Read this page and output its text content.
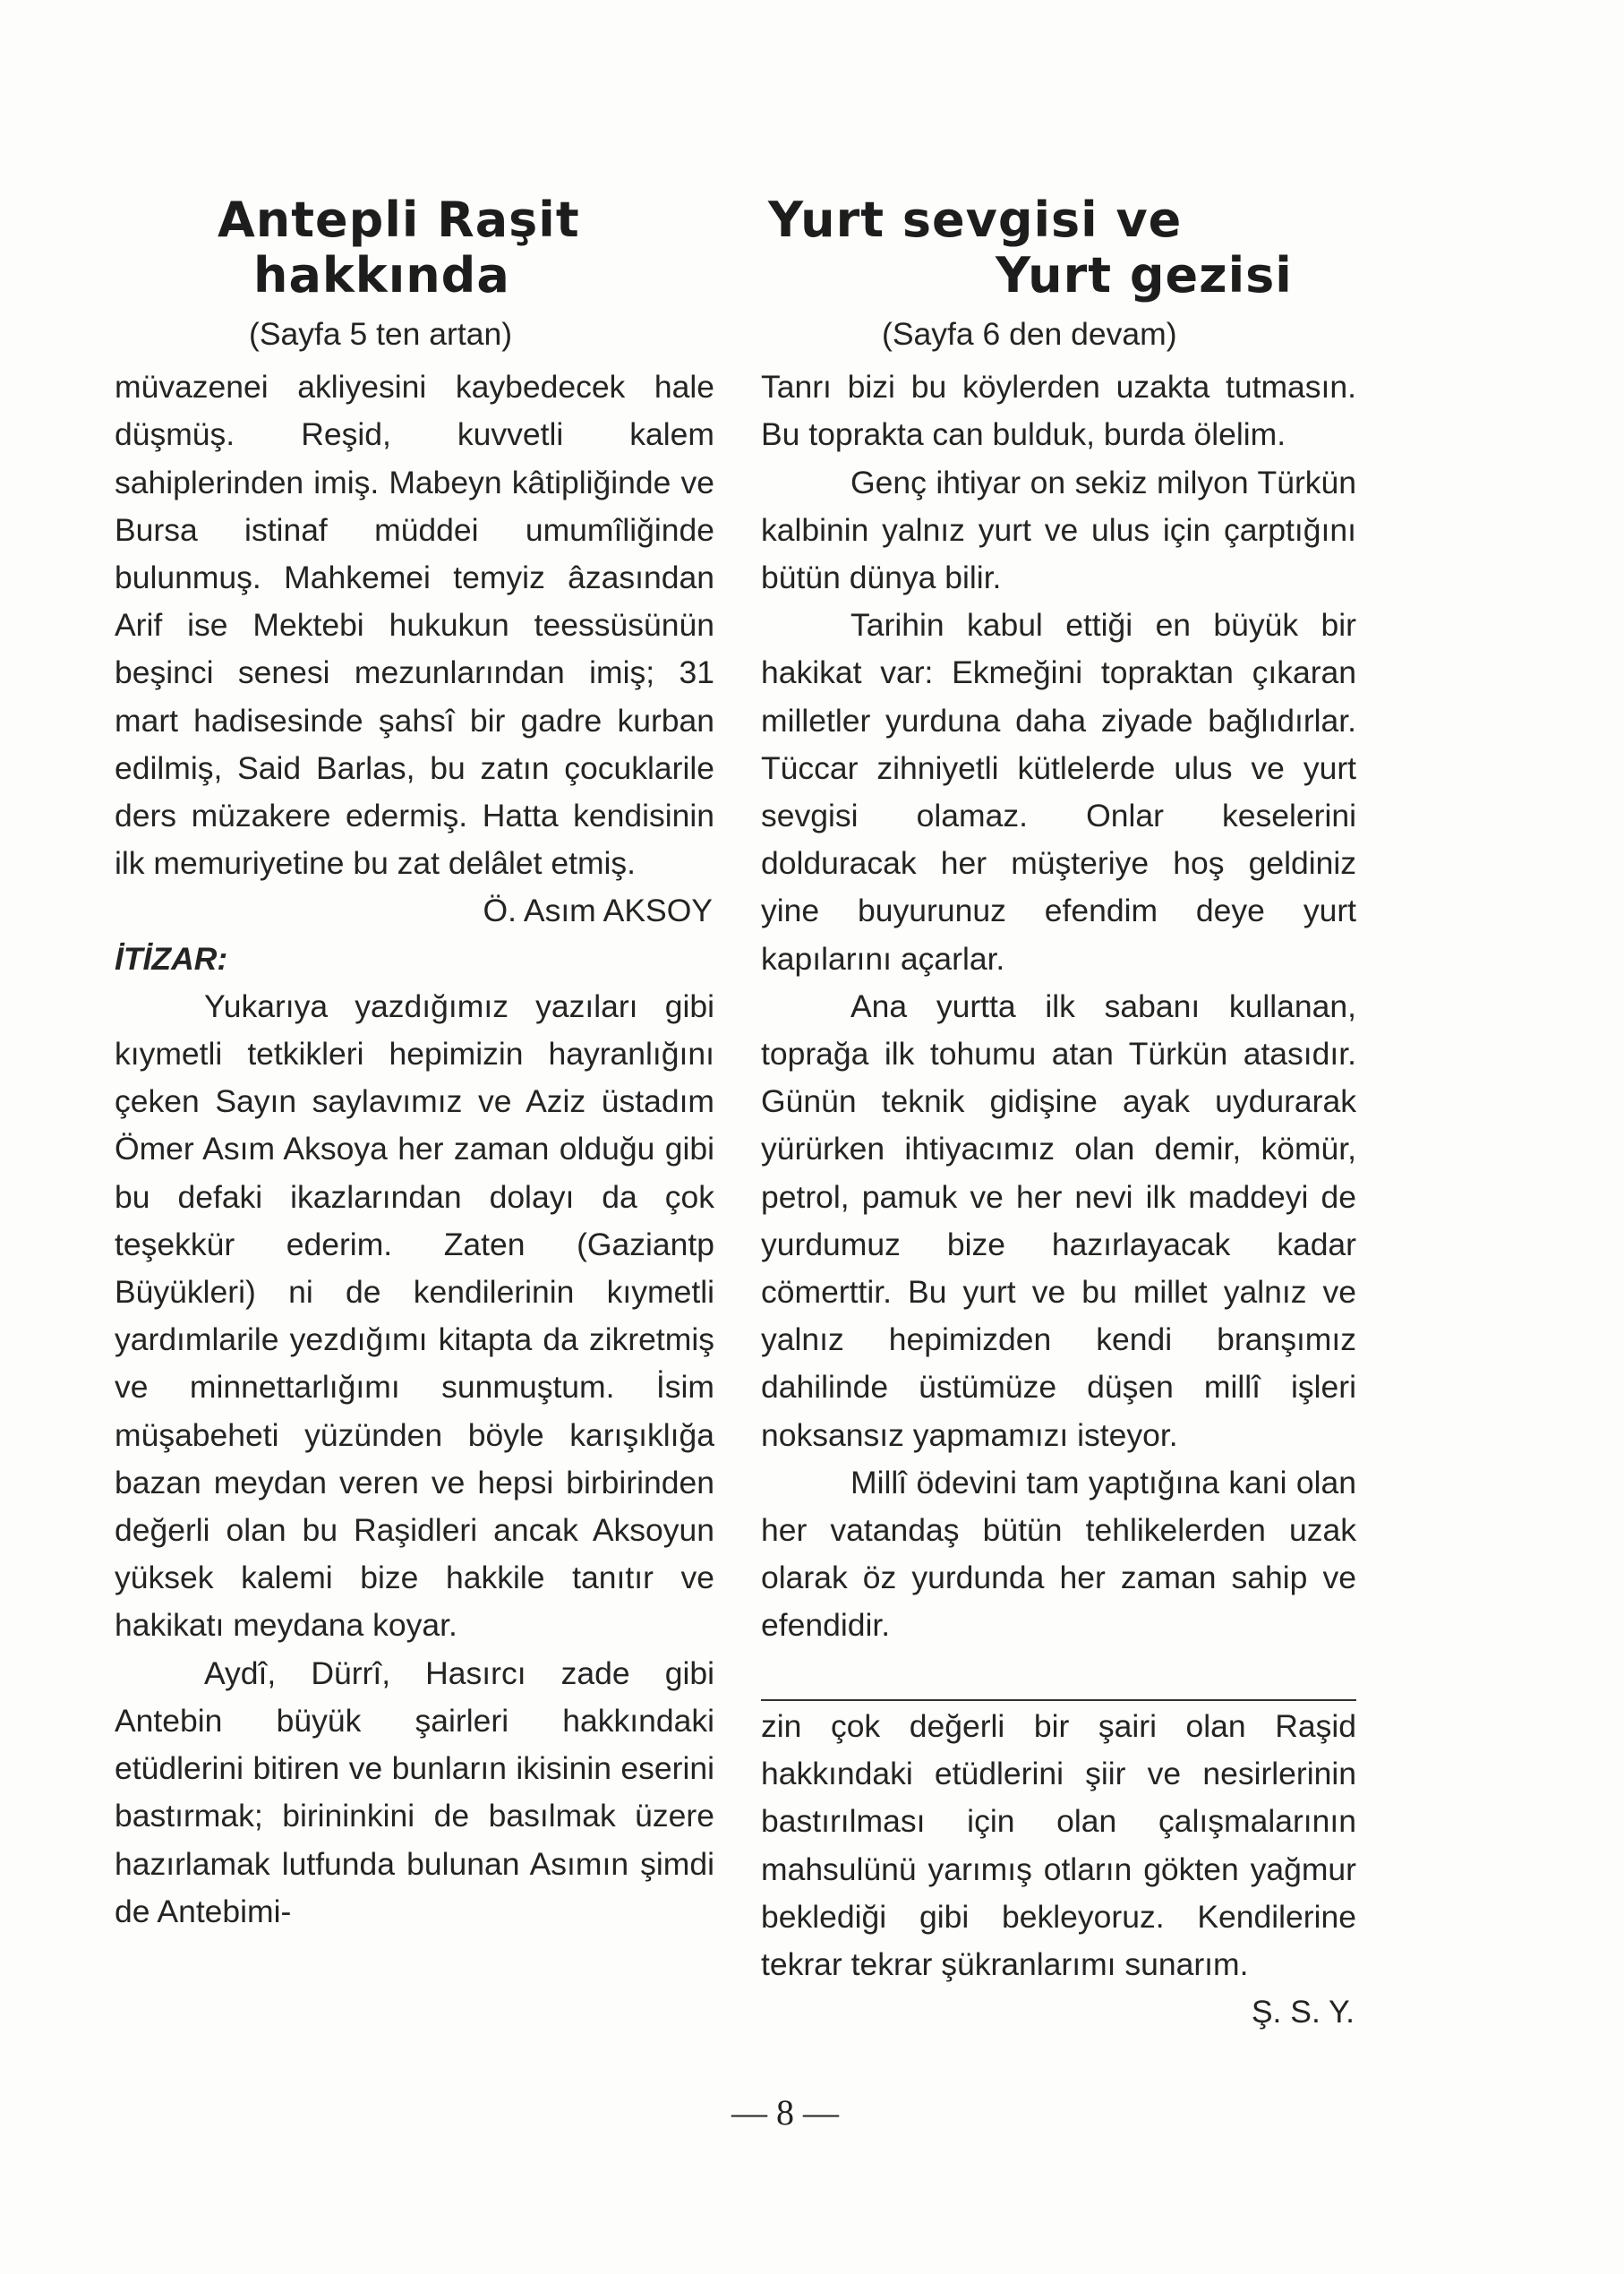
Antepli Raşit
hakkında
(Sayfa 5 ten artan)

müvazenei akliyesini kaybedecek hale düşmüş. Reşid, kuvvetli kalem sahiplerinden imiş. Mabeyn kâtipliğinde ve Bursa istinaf müddei umumîliğinde bulunmuş. Mahkemei temyiz âzasından Arif ise Mektebi hukukun teessüsünün beşinci senesi mezunlarından imiş; 31 mart hadisesinde şahsî bir gadre kurban edilmiş, Said Barlas, bu zatın çocuklarile ders müzakere edermiş. Hatta kendisinin ilk memuriyetine bu zat delâlet etmiş.

Ö. Asım AKSOY

İTİZAR:

Yukarıya yazdığımız yazıları gibi kıymetli tetkikleri hepimizin hayranlığını çeken Sayın saylavımız ve Aziz üstadım Ömer Asım Aksoya her zaman olduğu gibi bu defaki ikazlarından dolayı da çok teşekkür ederim. Zaten (Gaziantp Büyükleri) ni de kendilerinin kıymetli yardımlarile yezdığımı kitapta da zikretmiş ve minnettarlığımı sunmuştum. İsim müşabeheti yüzünden böyle karışıklığa bazan meydan veren ve hepsi birbirinden değerli olan bu Raşidleri ancak Aksoyun yüksek kalemi bize hakkile tanıtır ve hakikatı meydana koyar.

Aydî, Dürrî, Hasırcı zade gibi Antebin büyük şairleri hakkındaki etüdlerini bitiren ve bunların ikisinin eserini bastırmak; birininkini de basılmak üzere hazırlamak lutfunda bulunan Asımın şimdi de Antebimi-

Yurt sevgisi ve
Yurt gezisi
(Sayfa 6 den devam)

Tanrı bizi bu köylerden uzakta tutmasın. Bu toprakta can bulduk, burda ölelim.

Genç ihtiyar on sekiz milyon Türkün kalbinin yalnız yurt ve ulus için çarptığını bütün dünya bilir.

Tarihin kabul ettiği en büyük bir hakikat var: Ekmeğini topraktan çıkaran milletler yurduna daha ziyade bağlıdırlar. Tüccar zihniyetli kütlelerde ulus ve yurt sevgisi olamaz. Onlar keselerini dolduracak her müşteriye hoş geldiniz yine buyurunuz efendim deye yurt kapılarını açarlar.

Ana yurtta ilk sabanı kullanan, toprağa ilk tohumu atan Türkün atasıdır. Günün teknik gidişine ayak uydurarak yürürken ihtiyacımız olan demir, kömür, petrol, pamuk ve her nevi ilk maddeyi de yurdumuz bize hazırlayacak kadar cömerttir. Bu yurt ve bu millet yalnız ve yalnız hepimizden kendi branşımız dahilinde üstümüze düşen millî işleri noksansız yapmamızı isteyor.

Millî ödevini tam yaptığına kani olan her vatandaş bütün tehlikelerden uzak olarak öz yurdunda her zaman sahip ve efendidir.

zin çok değerli bir şairi olan Raşid hakkındaki etüdlerini şiir ve nesirlerinin bastırılması için olan çalışmalarının mahsulünü yarımış otların gökten yağmur beklediği gibi bekleyoruz. Kendilerine tekrar tekrar şükranlarımı sunarım.

Ş. S. Y.

— 8 —
